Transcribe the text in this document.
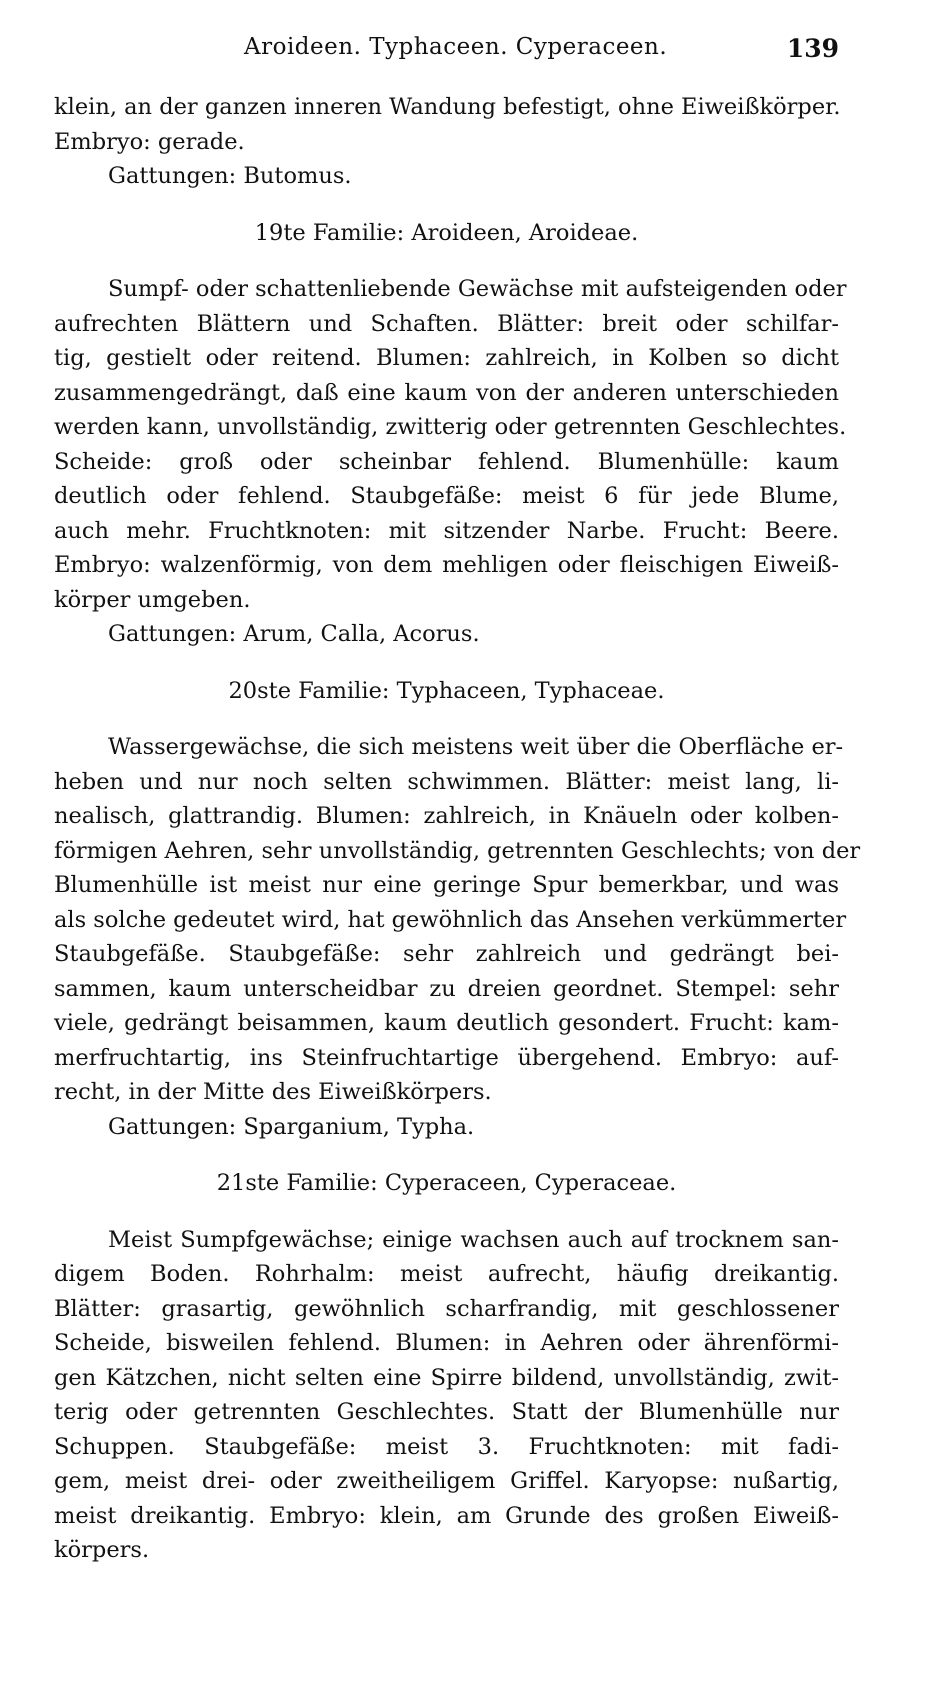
Aroideen. Typhaceen. Cyperaceen.	139
klein, an der ganzen inneren Wandung befestigt, ohne Eiweißkörper.
Embryo: gerade.
Gattungen: Butomus.
19te Familie: Aroideen, Aroideae.
Sumpf- oder schattenliebende Gewächse mit aufsteigenden oder
aufrechten Blättern und Schaften. Blätter: breit oder schilfar-
tig, gestielt oder reitend. Blumen: zahlreich, in Kolben so dicht
zusammengedrängt, daß eine kaum von der anderen unterschieden
werden kann, unvollständig, zwitterig oder getrennten Geschlechtes.
Scheide: groß oder scheinbar fehlend. Blumenhülle: kaum
deutlich oder fehlend. Staubgefäße: meist 6 für jede Blume,
auch mehr. Fruchtknoten: mit sitzender Narbe. Frucht: Beere.
Embryo: walzenförmig, von dem mehligen oder fleischigen Eiweiß-
körper umgeben.
Gattungen: Arum, Calla, Acorus.
20ste Familie: Typhaceen, Typhaceae.
Wassergewächse, die sich meistens weit über die Oberfläche er-
heben und nur noch selten schwimmen. Blätter: meist lang, li-
nealisch, glattrandig. Blumen: zahlreich, in Knäueln oder kolben-
förmigen Aehren, sehr unvollständig, getrennten Geschlechts; von der
Blumenhülle ist meist nur eine geringe Spur bemerkbar, und was
als solche gedeutet wird, hat gewöhnlich das Ansehen verkümmerter
Staubgefäße. Staubgefäße: sehr zahlreich und gedrängt bei-
sammen, kaum unterscheidbar zu dreien geordnet. Stempel: sehr
viele, gedrängt beisammen, kaum deutlich gesondert. Frucht: kam-
merfruchtartig, ins Steinfruchtartige übergehend. Embryo: auf-
recht, in der Mitte des Eiweißkörpers.
Gattungen: Sparganium, Typha.
21ste Familie: Cyperaceen, Cyperaceae.
Meist Sumpfgewächse; einige wachsen auch auf trocknem san-
digem Boden. Rohrhalm: meist aufrecht, häufig dreikantig.
Blätter: grasartig, gewöhnlich scharfrandig, mit geschlossener
Scheide, bisweilen fehlend. Blumen: in Aehren oder ährenförmi-
gen Kätzchen, nicht selten eine Spirre bildend, unvollständig, zwit-
terig oder getrennten Geschlechtes. Statt der Blumenhülle nur
Schuppen. Staubgefäße: meist 3. Fruchtknoten: mit fadi-
gem, meist drei- oder zweitheiligem Griffel. Karyopse: nußartig,
meist dreikantig. Embryo: klein, am Grunde des großen Eiweiß-
körpers.
